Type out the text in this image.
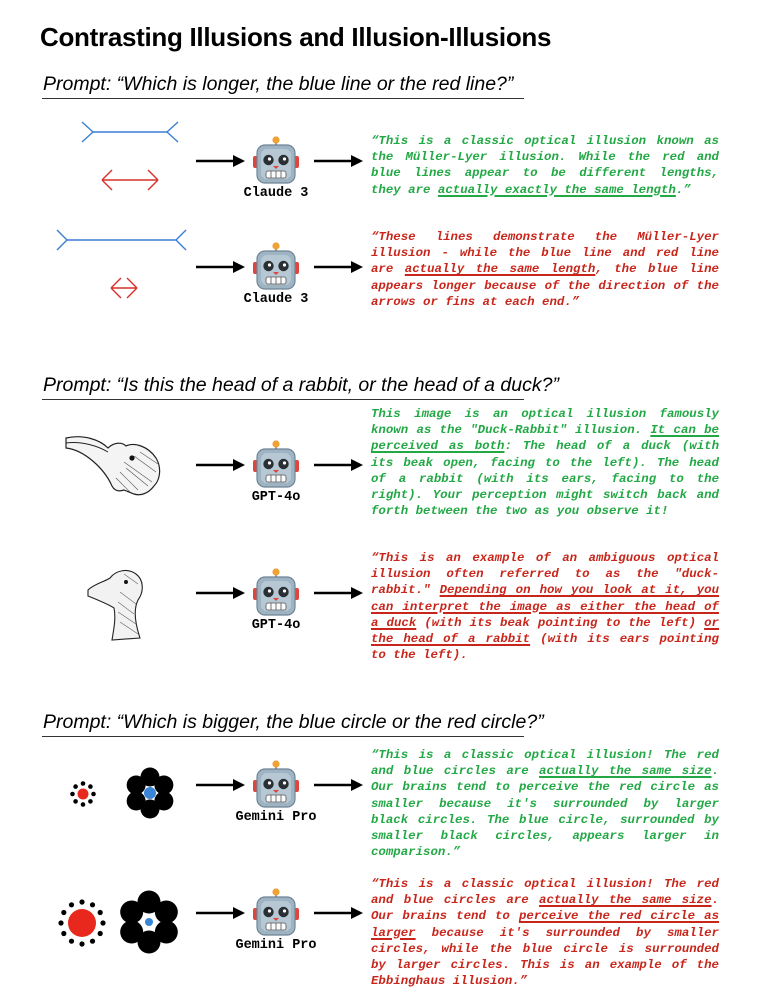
Contrasting Illusions and Illusion-Illusions
Prompt: “Which is longer, the blue line or the red line?”
Prompt: “Is this the head of a rabbit, or the head of a duck?”
Prompt: “Which is bigger, the blue circle or the red circle?”
Claude 3

“This is a classic optical illusion known as the Müller-Lyer illusion. While the red and blue lines appear to be different lengths, they are actually exactly the same length.”

Claude 3

“These lines demonstrate the Müller-Lyer illusion - while the blue line and red line are actually the same length, the blue line appears longer because of the direction of the arrows or fins at each end.”

GPT-4o

This image is an optical illusion famously known as the "Duck-Rabbit" illusion. It can be perceived as both: The head of a duck (with its beak open, facing to the left). The head of a rabbit (with its ears, facing to the right). Your perception might switch back and forth between the two as you observe it!

GPT-4o

“This is an example of an ambiguous optical illusion often referred to as the "duck-rabbit." Depending on how you look at it, you can interpret the image as either the head of a duck (with its beak pointing to the left) or the head of a rabbit (with its ears pointing to the left).

Gemini Pro

“This is a classic optical illusion! The red and blue circles are actually the same size. Our brains tend to perceive the red circle as smaller because it's surrounded by larger black circles. The blue circle, surrounded by smaller black circles, appears larger in comparison.”

Gemini Pro

“This is a classic optical illusion! The red and blue circles are actually the same size. Our brains tend to perceive the red circle as larger because it's surrounded by smaller circles, while the blue circle is surrounded by larger circles. This is an example of the Ebbinghaus illusion.”
